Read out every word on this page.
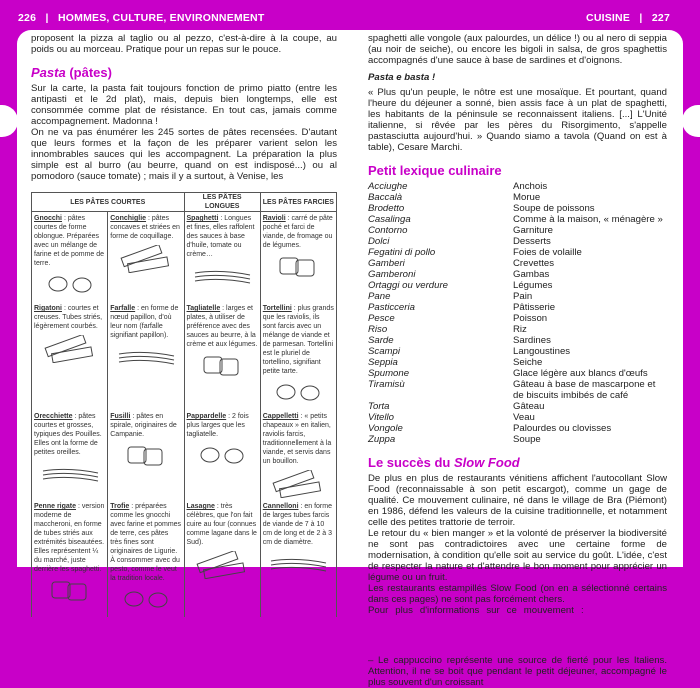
226   |   HOMMES, CULTURE, ENVIRONNEMENT	CUISINE   |   227

proposent la pizza al taglio ou al pezzo, c'est-à-dire à la coupe, au poids ou au morceau. Pratique pour un repas sur le pouce.

Pasta (pâtes)

Sur la carte, la pasta fait toujours fonction de primo piatto (entre les antipasti et le 2d plat), mais, depuis bien longtemps, elle est consommée comme plat de résistance. En tout cas, jamais comme accompagnement. Madonna !

On ne va pas énumérer les 245 sortes de pâtes recensées. D'autant que leurs formes et la façon de les préparer varient selon les innombrables sauces qui les accompagnent. La préparation la plus simple est al burro (au beurre, quand on est indisposé...) ou al pomodoro (sauce tomate) ; mais il y a surtout, à Venise, les

LES PÂTES COURTES		LES PÂTES LONGUES	LES PÂTES FARCIES
Gnocchi : pâtes courtes de forme oblongue. Préparées avec un mélange de farine et de pomme de terre.	Conchiglie : pâtes concaves et striées en forme de coquillage.	Spaghetti : Longues et fines, elles raffolent des sauces à base d'huile, tomate ou crème…	Ravioli : carré de pâte poché et farci de viande, de fromage ou de légumes.

Rigatoni : courtes et creuses. Tubes striés, légèrement courbés.	Farfalle : en forme de nœud papillon, d'où leur nom (farfalle signifiant papillon).	Tagliatelle : larges et plates, à utiliser de préférence avec des sauces au beurre, à la crème et aux légumes.	Tortellini : plus grands que les raviolis, ils sont farcis avec un mélange de viande et de parmesan. Tortellini est le pluriel de tortellino, signifiant petite tarte.

Orecchiette : pâtes courtes et grosses, typiques des Pouilles. Elles ont la forme de petites oreilles.	Fusilli : pâtes en spirale, originaires de Campanie.	Pappardelle : 2 fois plus larges que les tagliatelle.	Cappelletti : « petits chapeaux » en italien, raviolis farcis, traditionnellement à la viande, et servis dans un bouillon.

Penne rigate : version moderne de maccheroni, en forme de tubes striés aux extrémités biseautées. Elles représentent ¼ du marché, juste derrière les spaghetti.	Trofie : préparées comme les gnocchi avec farine et pommes de terre, ces pâtes très fines sont originaires de Ligurie. À consommer avec du pesto, comme le veut la tradition locale.	Lasagne : très célèbres, que l'on fait cuire au four (connues comme lagane dans le Sud).	Cannelloni : en forme de larges tubes farcis de viande de 7 à 10 cm de long et de 2 à 3 cm de diamètre.

spaghetti alle vongole (aux palourdes, un délice !) ou al nero di seppia (au noir de seiche), ou encore les bigoli in salsa, de gros spaghettis accompagnés d'une sauce à base de sardines et d'oignons.

Pasta e basta !

« Plus qu'un peuple, le nôtre est une mosaïque. Et pourtant, quand l'heure du déjeuner a sonné, bien assis face à un plat de spaghetti, les habitants de la péninsule se reconnaissent italiens. [...] L'Unité italienne, si rêvée par les pères du Risorgimento, s'appelle pastasciutta aujourd'hui. » Quando siamo a tavola (Quand on est à table), Cesare Marchi.

Petit lexique culinaire
Acciughe	Anchois
Baccalà	Morue
Brodetto	Soupe de poissons
Casalinga	Comme à la maison, « ménagère »
Contorno	Garniture
Dolci	Desserts
Fegatini di pollo	Foies de volaille
Gamberi	Crevettes
Gamberoni	Gambas
Ortaggi ou verdure	Légumes
Pane	Pain
Pasticceria	Pâtisserie
Pesce	Poisson
Riso	Riz
Sarde	Sardines
Scampi	Langoustines
Seppia	Seiche
Spumone	Glace légère aux blancs d'œufs
Tiramisù	Gâteau à base de mascarpone et de biscuits imbibés de café
Torta	Gâteau
Vitello	Veau
Vongole	Palourdes ou clovisses
Zuppa	Soupe
Le succès du Slow Food

De plus en plus de restaurants vénitiens affichent l'autocollant Slow Food (reconnaissable à son petit escargot), comme un gage de qualité. Ce mouvement culinaire, né dans le village de Bra (Piémont) en 1986, défend les valeurs de la cuisine traditionnelle, et notamment celle des petites trattorie de terroir.

Le retour du « bien manger » et la volonté de préserver la biodiversité ne sont pas contradictoires avec une certaine forme de modernisation, à condition qu'elle soit au service du goût. L'idée, c'est de respecter la nature et d'attendre le bon moment pour apprécier un légume ou un fruit.

Les restaurants estampillés Slow Food (on en a sélectionné certains dans ces pages) ne sont pas forcément chers.

Pour plus d'informations sur ce mouvement : ● slowfood.fr ● slowfood.it ●

Les interdits dans la cuisine italienne

– Le cappuccino représente une source de fierté pour les Italiens. Attention, il ne se boit que pendant le petit déjeuner, accompagné le plus souvent d'un croissant
